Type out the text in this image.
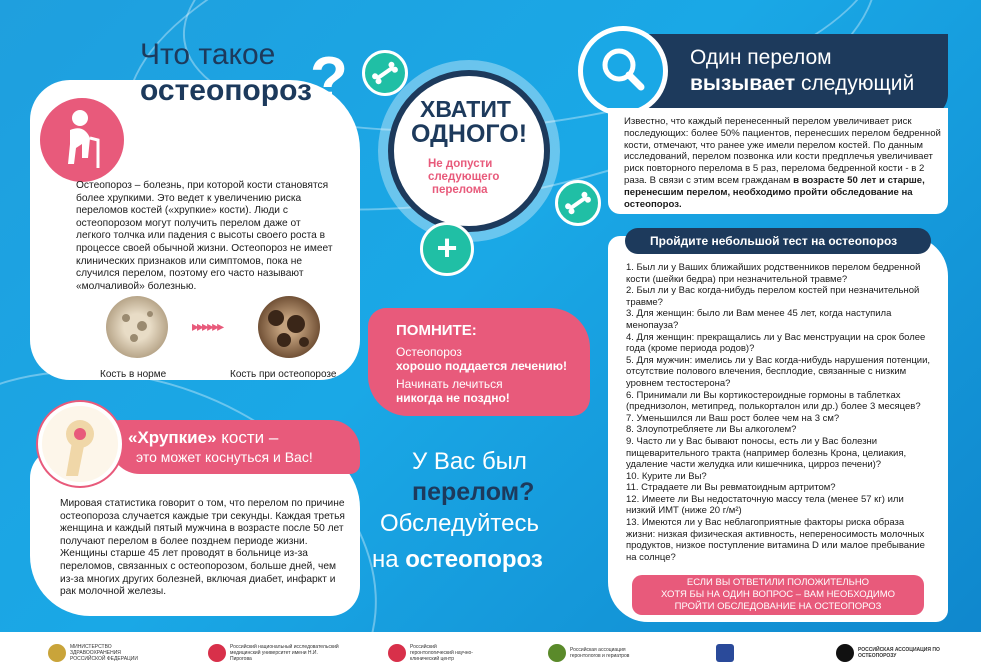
Что такое
остеопороз
?
Остеопороз – болезнь, при которой кости становятся более хрупкими. Это ведет к увеличению риска переломов костей («хрупкие» кости). Люди с остеопорозом могут получить перелом даже от легкого толчка или падения с высоты своего роста в процессе своей обычной жизни. Остеопороз не имеет клинических признаков или симптомов, пока не случился перелом, поэтому его часто называют «молчаливой» болезнью.
▸▸▸▸▸▸
Кость в норме	Кость при остеопорозе
ХВАТИТ
ОДНОГО!
Не допусти
следующего
перелома
+
ПОМНИТЕ:
Остеопороз
хорошо поддается лечению!
Начинать лечиться
никогда не поздно!
У Вас был
перелом?
Обследуйтесь
на остеопороз
«Хрупкие» кости –
это может коснуться и Вас!
Мировая статистика говорит о том, что перелом по причине остеопороза случается каждые три секунды. Каждая третья женщина и каждый пятый мужчина в возрасте после 50 лет получают перелом в более позднем периоде жизни. Женщины старше 45 лет проводят в больнице из-за переломов, связанных с остеопорозом, больше дней, чем из-за многих других болезней, включая диабет, инфаркт и рак молочной железы.
Один перелом
вызывает следующий
Известно, что каждый перенесенный перелом увеличивает риск последующих: более 50% пациентов, перенесших перелом бедренной кости, отмечают, что ранее уже имели перелом костей. По данным исследований, перелом позвонка или кости предплечья увеличивает риск повторного перелома в 5 раз, перелома бедренной кости - в 2 раза. В связи с этим всем гражданам в возрасте 50 лет и старше, перенесшим перелом, необходимо пройти обследование на остеопороз.
Пройдите небольшой тест на остеопороз
1. Был ли у Ваших ближайших родственников перелом бедренной кости (шейки бедра) при незначительной травме?
2. Был ли у Вас когда-нибудь перелом костей при незначительной травме?
3. Для женщин: было ли Вам менее 45 лет, когда наступила менопауза?
4. Для женщин: прекращались ли у Вас менструации на срок более года (кроме периода родов)?
5. Для мужчин: имелись ли у Вас когда-нибудь нарушения потенции, отсутствие полового влечения, бесплодие, связанные с низким уровнем тестостерона?
6. Принимали ли Вы кортикостероидные гормоны в таблетках (преднизолон, метипред, полькорталон или др.) более 3 месяцев?
7. Уменьшился ли Ваш рост более чем на 3 см?
8. Злоупотребляете ли Вы алкоголем?
9. Часто ли у Вас бывают поносы, есть ли у Вас болезни пищеварительного тракта (например болезнь Крона, целиакия, удаление части желудка или кишечника, цирроз печени)?
10. Курите ли Вы?
11. Страдаете ли Вы ревматоидным артритом?
12. Имеете ли Вы недостаточную массу тела (менее 57 кг) или низкий ИМТ (ниже 20 г/м²)
13. Имеются ли у Вас неблагоприятные факторы риска образа жизни: низкая физическая активность, непереносимость молочных продуктов, низкое поступление витамина D или малое пребывание на солнце?
ЕСЛИ ВЫ ОТВЕТИЛИ ПОЛОЖИТЕЛЬНО
ХОТЯ БЫ НА ОДИН ВОПРОС – ВАМ НЕОБХОДИМО
ПРОЙТИ ОБСЛЕДОВАНИЕ НА ОСТЕОПОРОЗ
МИНИСТЕРСТВО ЗДРАВООХРАНЕНИЯ РОССИЙСКОЙ ФЕДЕРАЦИИ
Российский национальный исследовательский медицинский университет имени Н.И. Пирогова
Российский геронтологический научно-клинический центр
Российская ассоциация геронтологов и гериатров
РОССИЙСКАЯ АССОЦИАЦИЯ ПО ОСТЕОПОРОЗУ
